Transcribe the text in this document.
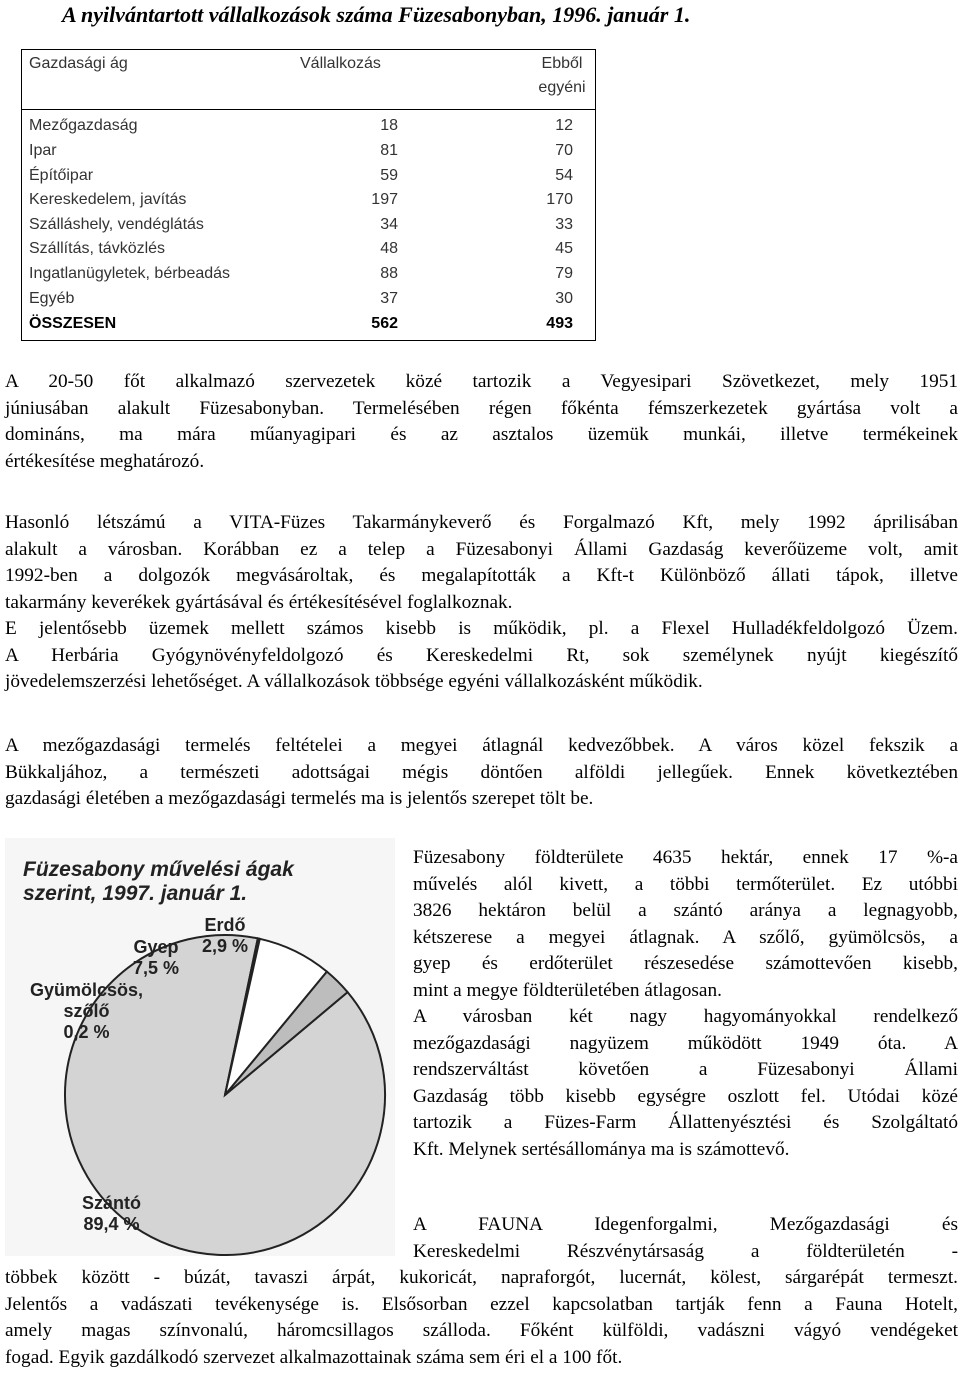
A nyilvántartott vállalkozások száma Füzesabonyban, 1996. január 1.
Gazdasági ág	Vállalkozás	Ebből
egyéni
Mezőgazdaság	18	12
Ipar	81	70
Építőipar	59	54
Kereskedelem, javítás	197	170
Szálláshely, vendéglátás	34	33
Szállítás, távközlés	48	45
Ingatlanügyletek, bérbeadás	88	79
Egyéb	37	30
ÖSSZESEN	562	493
A 20-50 főt alkalmazó szervezetek közé tartozik a Vegyesipari Szövetkezet, mely 1951
júniusában alakult Füzesabonyban. Termelésében régen főkénta fémszerkezetek gyártása volt a
domináns, ma mára műanyagipari és az asztalos üzemük munkái, illetve termékeinek
értékesítése meghatározó.
Hasonló létszámú a VITA-Füzes Takarmánykeverő és Forgalmazó Kft, mely 1992 áprilisában
alakult a városban. Korábban ez a telep a Füzesabonyi Állami Gazdaság keverőüzeme volt, amit
1992-ben a dolgozók megvásároltak, és megalapították a Kft-t Különböző állati tápok, illetve
takarmány keverékek gyártásával és értékesítésével foglalkoznak.
E jelentősebb üzemek mellett számos kisebb is működik, pl. a Flexel Hulladékfeldolgozó Üzem.
A Herbária Gyógynövényfeldolgozó és Kereskedelmi Rt, sok személynek nyújt kiegészítő
jövedelemszerzési lehetőséget. A vállalkozások többsége egyéni vállalkozásként működik.
A mezőgazdasági termelés feltételei a megyei átlagnál kedvezőbbek. A város közel fekszik a
Bükkaljához, a természeti adottságai mégis döntően alföldi jellegűek. Ennek következtében
gazdasági életében a mezőgazdasági termelés ma is jelentős szerepet tölt be.
Füzesabony művelési ágak
szerint, 1997. január 1.
Erdő
2,9 %
Gyep
7,5 %
Gyümölcsös,
szőlő
0,2 %
Szántó
89,4 %
Füzesabony földterülete 4635 hektár, ennek 17 %-a
művelés alól kivett, a többi termőterület. Ez utóbbi
3826 hektáron belül a szántó aránya a legnagyobb,
kétszerese a megyei átlagnak. A szőlő, gyümölcsös, a
gyep és erdőterület részesedése számottevően kisebb,
mint a megye földterületében átlagosan.
A városban két nagy hagyományokkal rendelkező
mezőgazdasági nagyüzem működött 1949 óta. A
rendszerváltást követően a Füzesabonyi Állami
Gazdaság több kisebb egységre oszlott fel. Utódai közé
tartozik a Füzes-Farm Állattenyésztési és Szolgáltató
Kft. Melynek sertésállománya ma is számottevő.
A FAUNA Idegenforgalmi, Mezőgazdasági és
Kereskedelmi Részvénytársaság a földterületén -
többek között - búzát, tavaszi árpát, kukoricát, napraforgót, lucernát, kölest, sárgarépát termeszt.
Jelentős a vadászati tevékenysége is. Elsősorban ezzel kapcsolatban tartják fenn a Fauna Hotelt,
amely magas színvonalú, háromcsillagos szálloda. Főként külföldi, vadászni vágyó vendégeket
fogad. Egyik gazdálkodó szervezet alkalmazottainak száma sem éri el a 100 főt.
